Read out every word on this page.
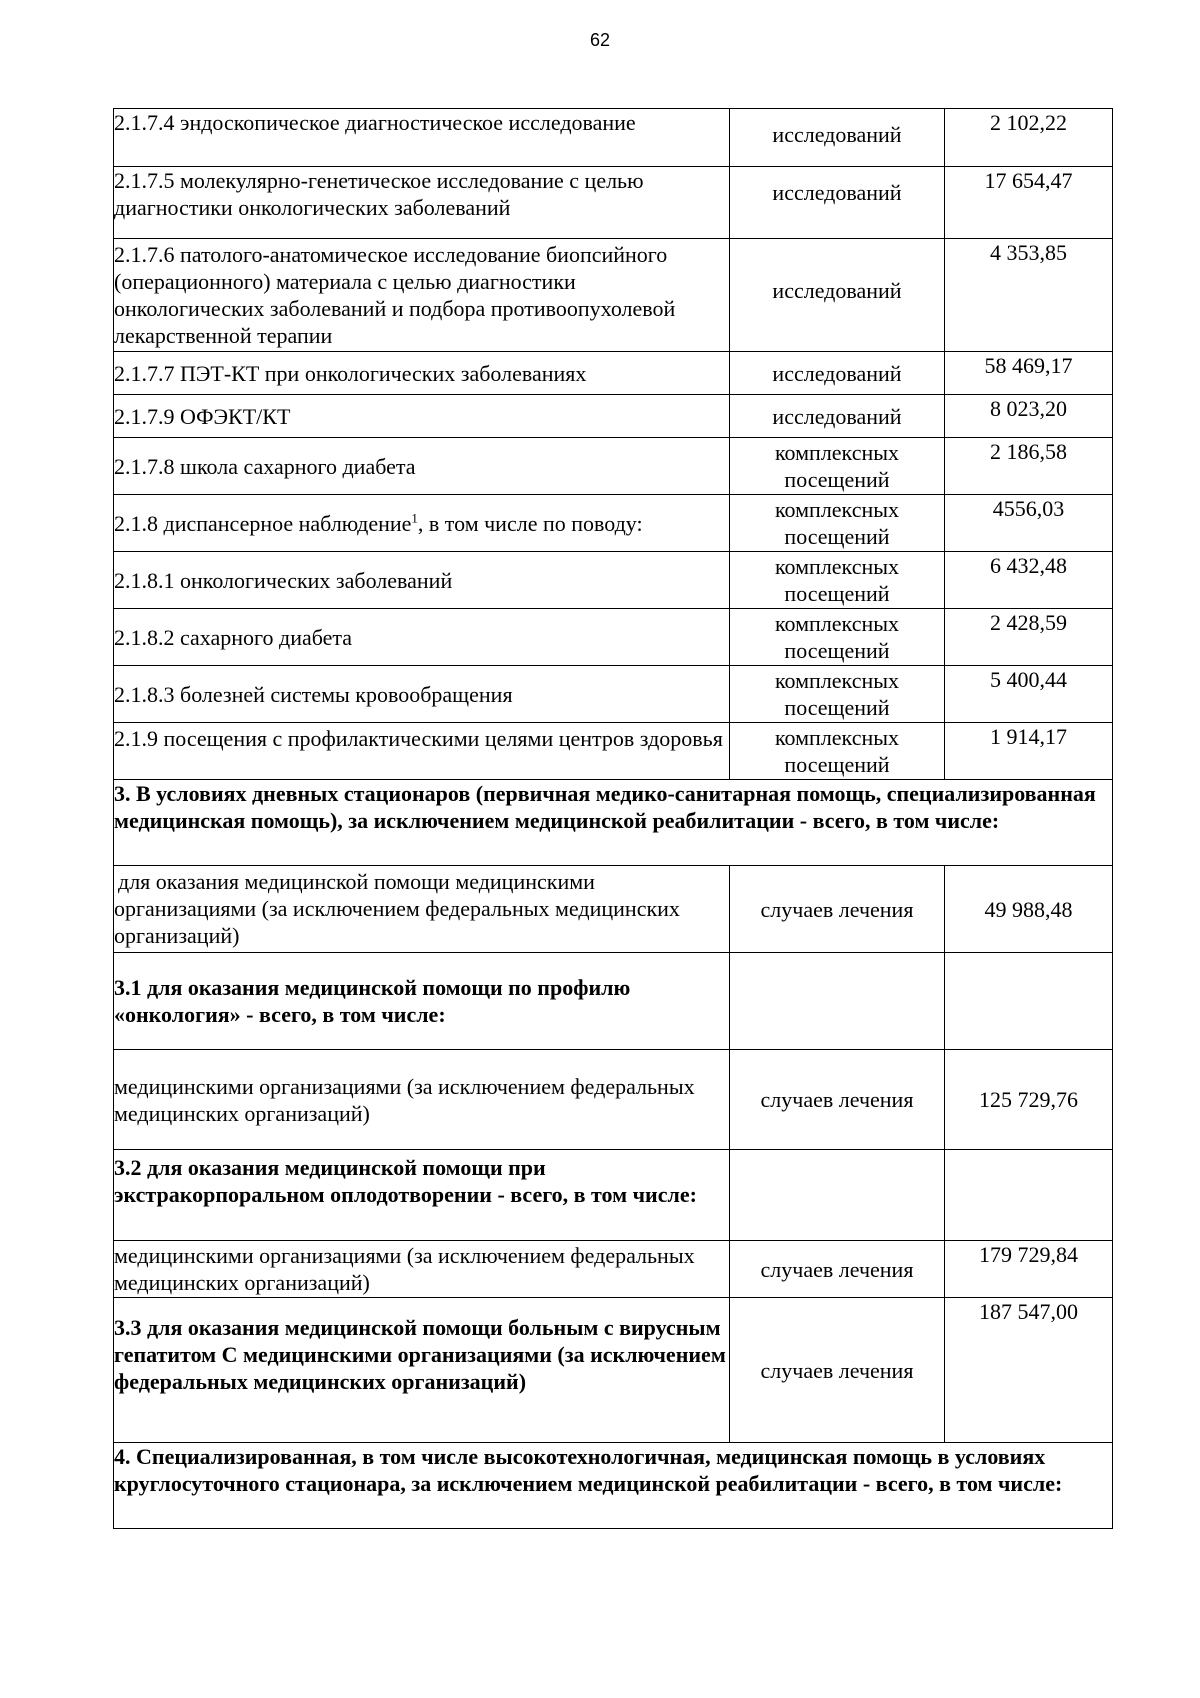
62
2.1.7.4 эндоскопическое диагностическое исследование	исследований	2 102,22
2.1.7.5 молекулярно-генетическое исследование с целью диагностики онкологических заболеваний	исследований	17 654,47
2.1.7.6 патолого-анатомическое исследование биопсийного (операционного) материала с целью диагностики онкологических заболеваний и подбора противоопухолевой лекарственной терапии	исследований	4 353,85
2.1.7.7 ПЭТ-КТ при онкологических заболеваниях	исследований	58 469,17
2.1.7.9 ОФЭКТ/КТ	исследований	8 023,20
2.1.7.8 школа сахарного диабета	комплексных посещений	2 186,58
2.1.8 диспансерное наблюдение$^1$, в том числе по поводу:	комплексных посещений	4556,03
2.1.8.1 онкологических заболеваний	комплексных посещений	6 432,48
2.1.8.2 сахарного диабета	комплексных посещений	2 428,59
2.1.8.3 болезней системы кровообращения	комплексных посещений	5 400,44
2.1.9 посещения с профилактическими целями центров здоровья	комплексных посещений	1 914,17
3. В условиях дневных стационаров (первичная медико-санитарная помощь, специализированная медицинская помощь), за исключением медицинской реабилитации - всего, в том числе:		
для оказания медицинской помощи медицинскими организациями (за исключением федеральных медицинских организаций)	случаев лечения	49 988,48
3.1 для оказания медицинской помощи по профилю «онкология» - всего, в том числе:		
медицинскими организациями (за исключением федеральных медицинских организаций)	случаев лечения	125 729,76
3.2 для оказания медицинской помощи при экстракорпоральном оплодотворении - всего, в том числе:		
медицинскими организациями (за исключением федеральных медицинских организаций)	случаев лечения	179 729,84
3.3 для оказания медицинской помощи больным с вирусным гепатитом С медицинскими организациями (за исключением федеральных медицинских организаций)	случаев лечения	187 547,00
4. Специализированная, в том числе высокотехнологичная, медицинская помощь в условиях круглосуточного стационара, за исключением медицинской реабилитации - всего, в том числе:		
